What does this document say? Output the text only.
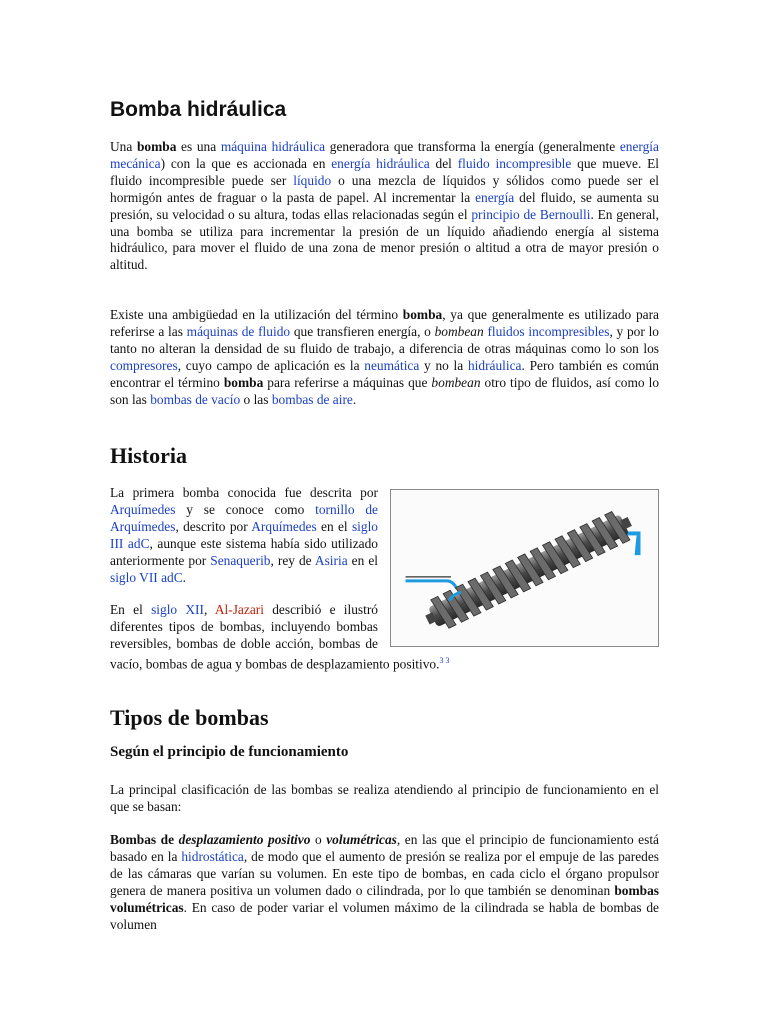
Bomba hidráulica

Una bomba es una máquina hidráulica generadora que transforma la energía (generalmente energía mecánica) con la que es accionada en energía hidráulica del fluido incompresible que mueve. El fluido incompresible puede ser líquido o una mezcla de líquidos y sólidos como puede ser el hormigón antes de fraguar o la pasta de papel. Al incrementar la energía del fluido, se aumenta su presión, su velocidad o su altura, todas ellas relacionadas según el principio de Bernoulli. En general, una bomba se utiliza para incrementar la presión de un líquido añadiendo energía al sistema hidráulico, para mover el fluido de una zona de menor presión o altitud a otra de mayor presión o altitud.

Existe una ambigüedad en la utilización del término bomba, ya que generalmente es utilizado para referirse a las máquinas de fluido que transfieren energía, o bombean fluidos incompresibles, y por lo tanto no alteran la densidad de su fluido de trabajo, a diferencia de otras máquinas como lo son los compresores, cuyo campo de aplicación es la neumática y no la hidráulica. Pero también es común encontrar el término bomba para referirse a máquinas que bombean otro tipo de fluidos, así como lo son las bombas de vacío o las bombas de aire.

Historia

La primera bomba conocida fue descrita por Arquímedes y se conoce como tornillo de Arquímedes, descrito por Arquímedes en el siglo III adC, aunque este sistema había sido utilizado anteriormente por Senaquerib, rey de Asiria en el siglo VII adC.

En el siglo XII, Al-Jazari describió e ilustró diferentes tipos de bombas, incluyendo bombas reversibles, bombas de doble acción, bombas de vacío, bombas de agua y bombas de desplazamiento positivo.$^{3 3}$

Tipos de bombas
Según el principio de funcionamiento

La principal clasificación de las bombas se realiza atendiendo al principio de funcionamiento en el que se basan:

Bombas de desplazamiento positivo o volumétricas, en las que el principio de funcionamiento está basado en la hidrostática, de modo que el aumento de presión se realiza por el empuje de las paredes de las cámaras que varían su volumen. En este tipo de bombas, en cada ciclo el órgano propulsor genera de manera positiva un volumen dado o cilindrada, por lo que también se denominan bombas volumétricas. En caso de poder variar el volumen máximo de la cilindrada se habla de bombas de volumen
